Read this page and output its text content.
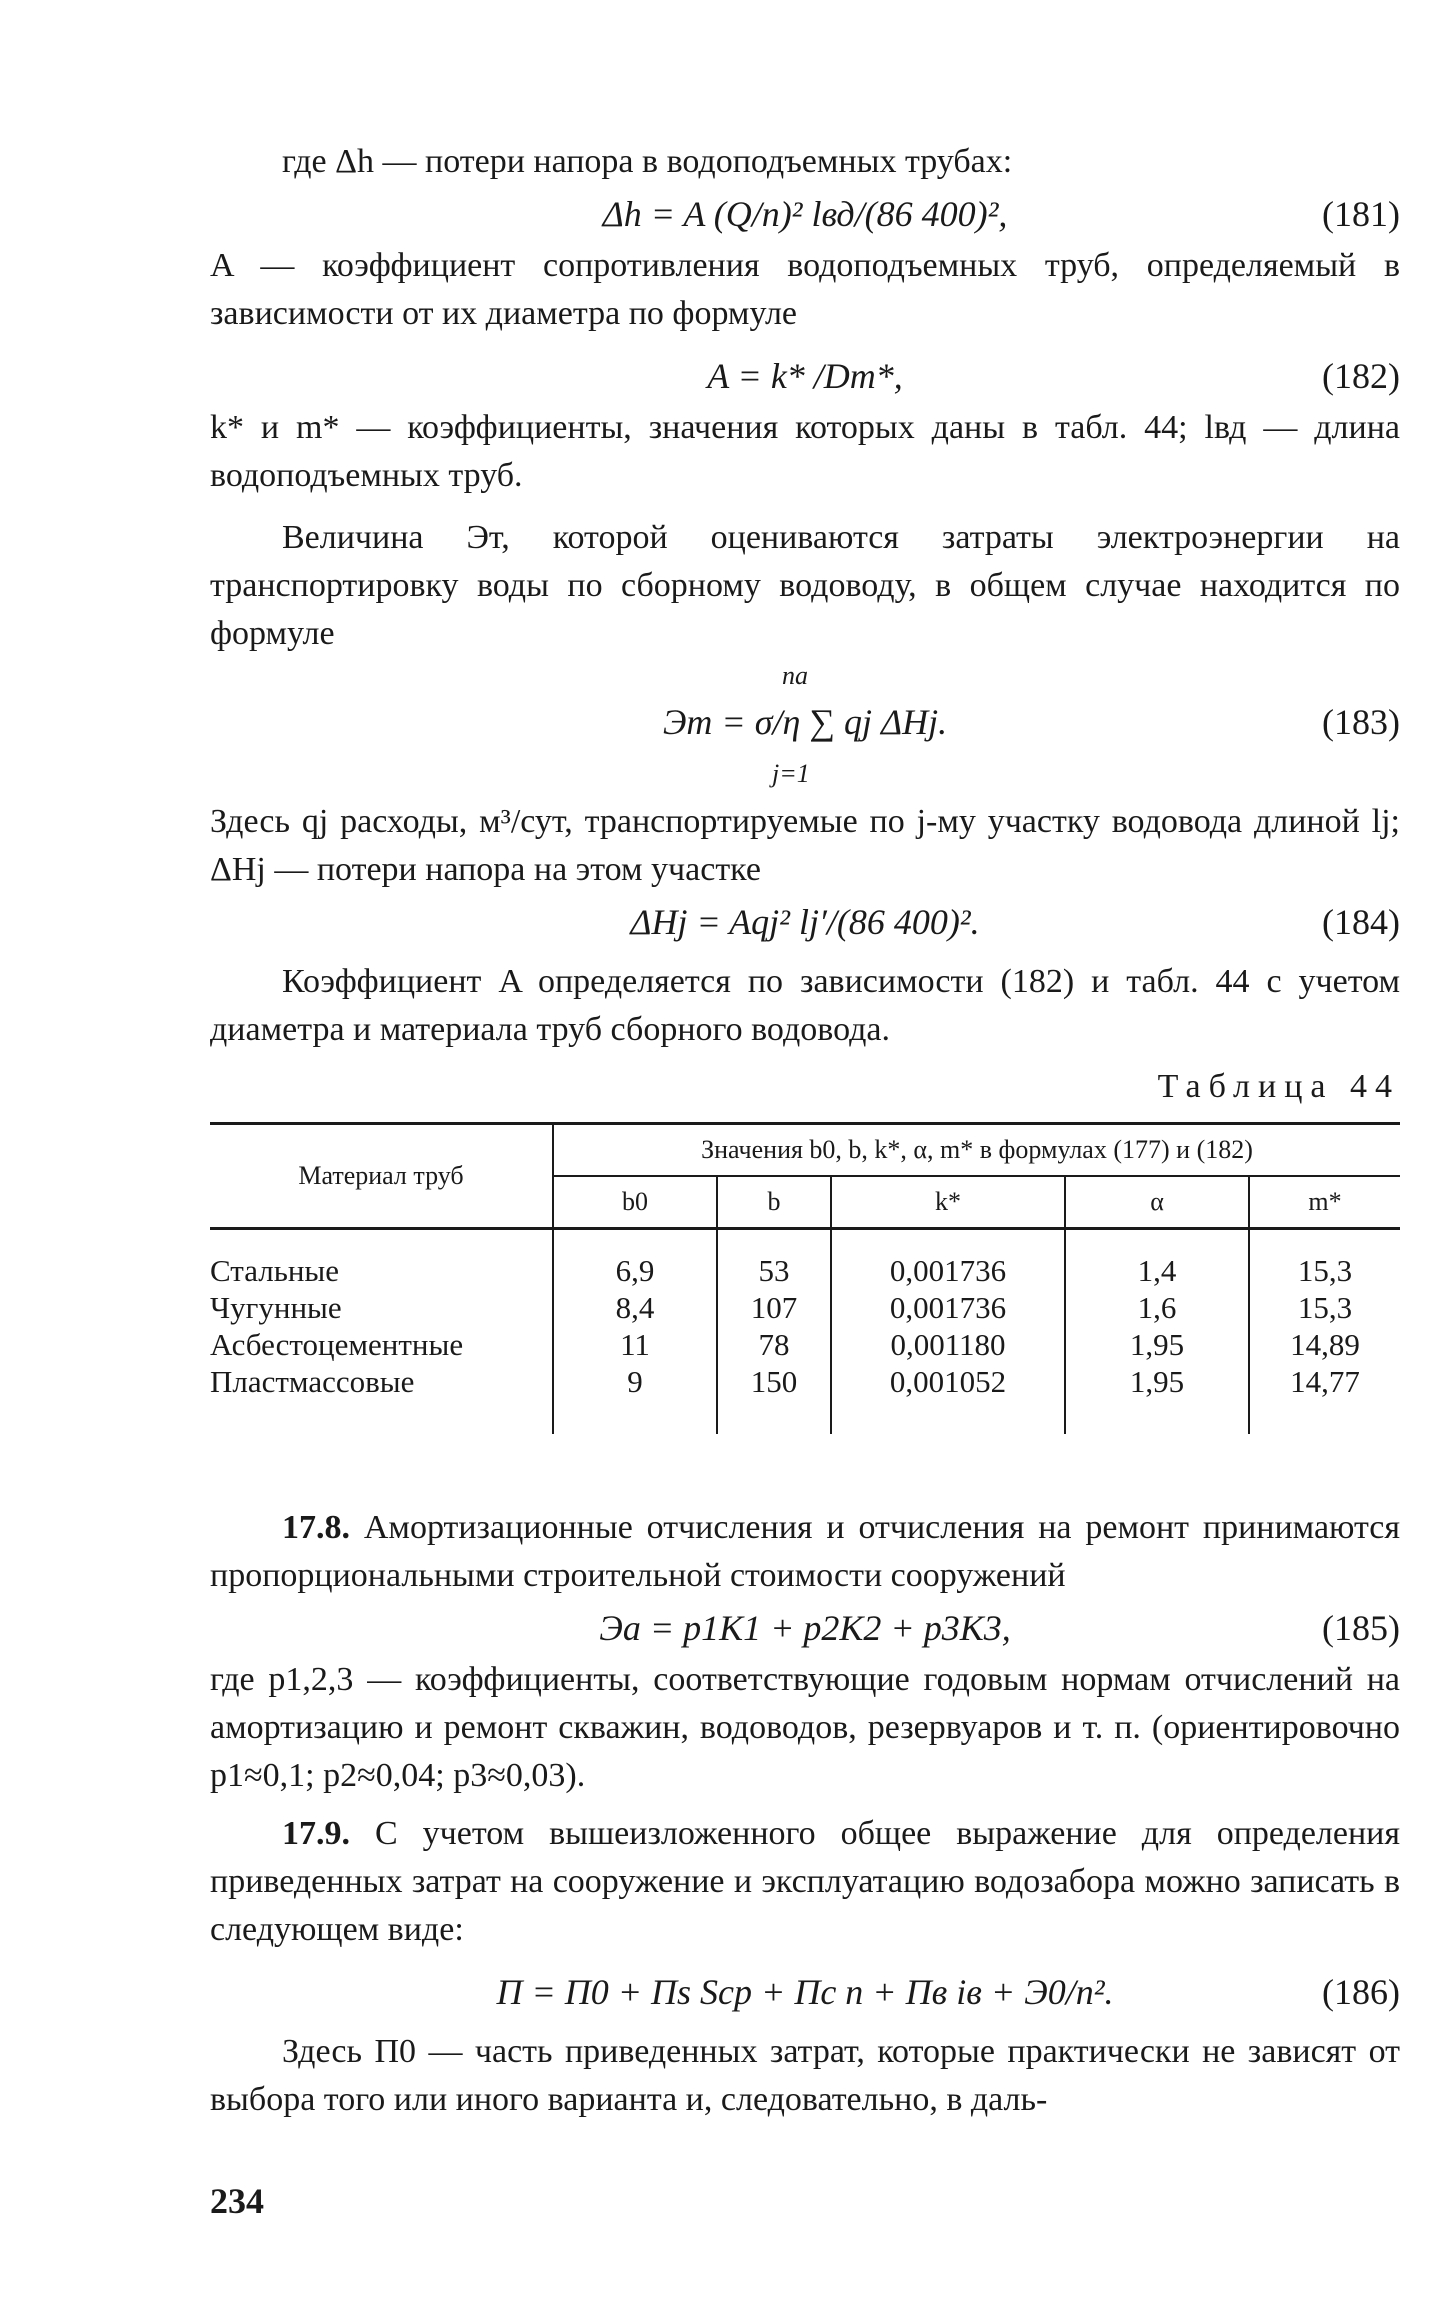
где Δh — потери напора в водоподъемных трубах:

Δh = A (Q/n)² lвд/(86 400)²,	(181)

A — коэффициент сопротивления водоподъемных труб, определяемый в зависимости от их диаметра по формуле

A = k* /Dm*,	(182)

k* и m* — коэффициенты, значения которых даны в табл. 44; lвд — длина водоподъемных труб.

Величина Эт, которой оцениваются затраты электроэнергии на транспортировку воды по сборному водоводу, в общем случае находится по формуле

na
Эт = σ/η ∑ qj ΔHj.
j=1
(183)

Здесь qj расходы, м³/сут, транспортируемые по j-му участку водовода длиной lj; ΔHj — потери напора на этом участке

ΔHj = Aqj² lj′/(86 400)².	(184)

Коэффициент A определяется по зависимости (182) и табл. 44 с учетом диаметра и материала труб сборного водовода.

Таблица 44
Материал труб	Значения b0, b, k*, α, m* в формулах (177) и (182)				
	b0	b	k*	α	m*

Стальные	6,9	53	0,001736	1,4	15,3
Чугунные	8,4	107	0,001736	1,6	15,3
Асбестоцементные	11	78	0,001180	1,95	14,89
Пластмассовые	9	150	0,001052	1,95	14,77

17.8. Амортизационные отчисления и отчисления на ремонт принимаются пропорциональными строительной стоимости сооружений

Эа = p1K1 + p2K2 + p3K3,	(185)

где p1,2,3 — коэффициенты, соответствующие годовым нормам отчислений на амортизацию и ремонт скважин, водоводов, резервуаров и т. п. (ориентировочно p1≈0,1; p2≈0,04; p3≈0,03).

17.9. С учетом вышеизложенного общее выражение для определения приведенных затрат на сооружение и эксплуатацию водозабора можно записать в следующем виде:

П = П0 + Пs Sср + Пс n + Пв iв + Э0/n².	(186)

Здесь П0 — часть приведенных затрат, которые практически не зависят от выбора того или иного варианта и, следовательно, в даль-

234
